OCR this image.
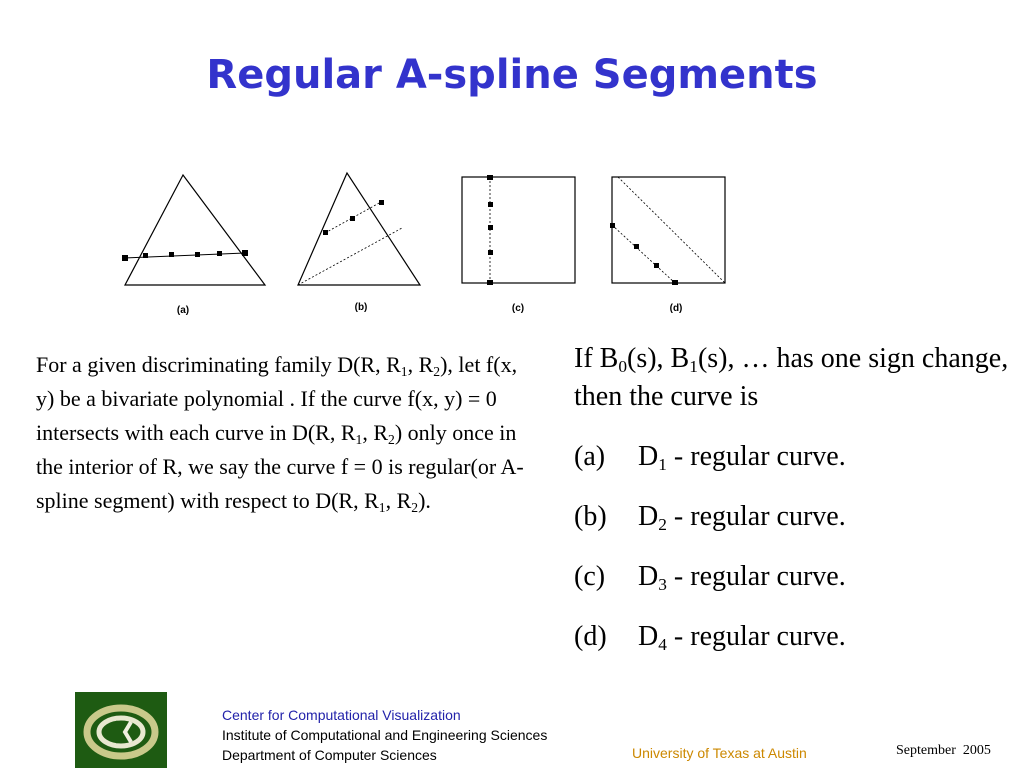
Regular A-spline Segments
(a)	(b)	(c)	(d)
For a given discriminating family D(R, $R_1$, $R_2$), let f(x, y) be a bivariate polynomial . If the curve f(x, y) = 0 intersects with each curve in D(R, $R_1$, $R_2$) only once in the interior of R, we say the curve f = 0 is regular(or A-spline segment) with respect to D(R, $R_1$, $R_2$).

If $B_0(s)$, $B_1(s)$, … has one sign change, then the curve is

(a) $D_1$ - regular curve.

(b) $D_2$ - regular curve.

(c) $D_3$ - regular curve.

(d) $D_4$ - regular curve.

Center for Computational Visualization
Institute of Computational and Engineering Sciences
Department of Computer Sciences	University of Texas at Austin	September  2005
